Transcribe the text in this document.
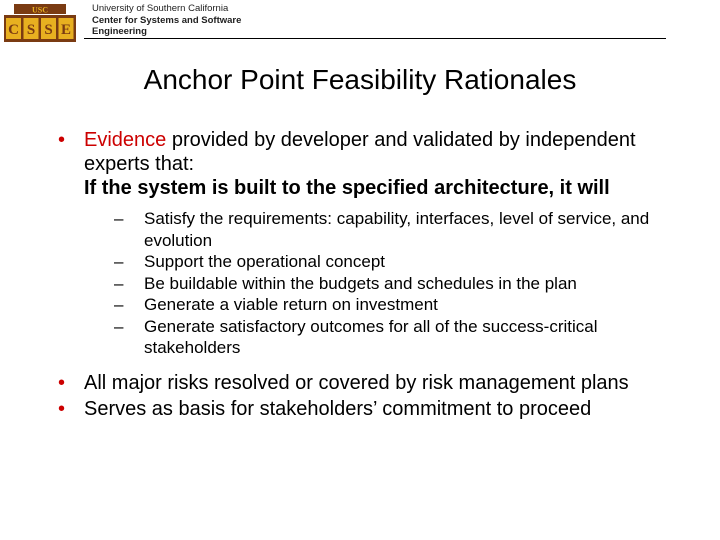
USC
C S S E
University of Southern California
Center for Systems and Software
Engineering
Anchor Point Feasibility Rationales
• Evidence provided by developer and validated by independent experts that:
If the system is built to the specified architecture, it will
– Satisfy the requirements: capability, interfaces, level of service, and evolution
– Support the operational concept
– Be buildable within the budgets and schedules in the plan
– Generate a viable return on investment
– Generate satisfactory outcomes for all of the success-critical stakeholders
• All major risks resolved or covered by risk management plans
• Serves as basis for stakeholders’ commitment to proceed
